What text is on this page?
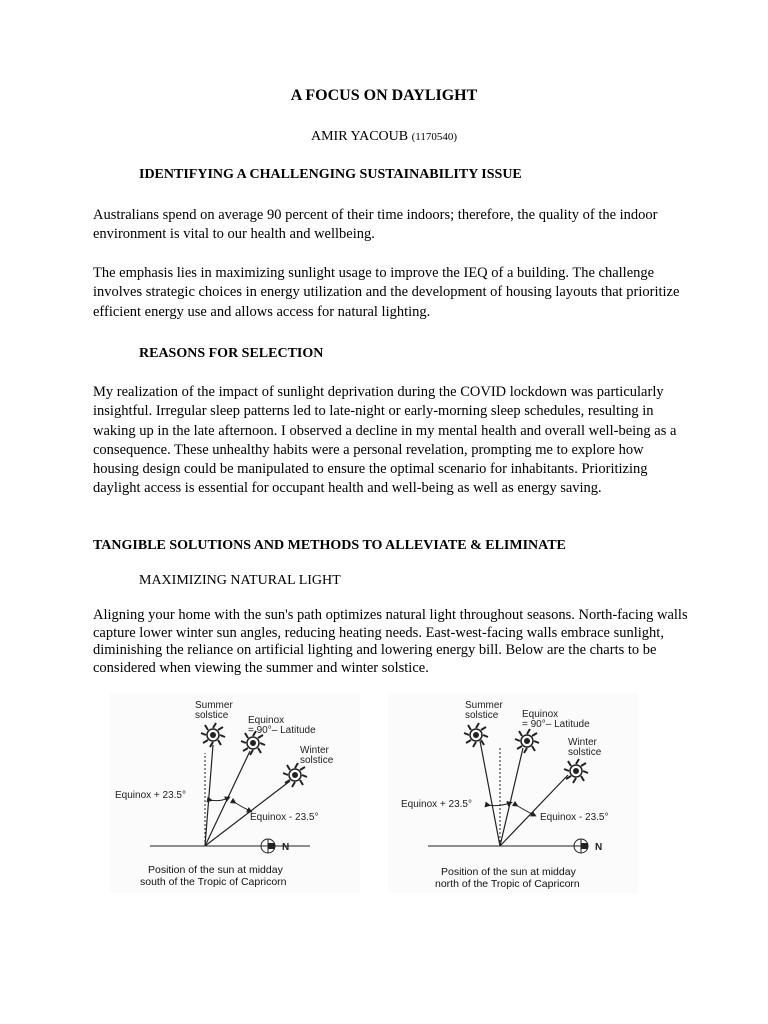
A FOCUS ON DAYLIGHT
AMIR YACOUB (1170540)
IDENTIFYING A CHALLENGING SUSTAINABILITY ISSUE

Australians spend on average 90 percent of their time indoors; therefore, the quality of the indoor environment is vital to our health and wellbeing.

The emphasis lies in maximizing sunlight usage to improve the IEQ of a building. The challenge involves strategic choices in energy utilization and the development of housing layouts that prioritize efficient energy use and allows access for natural lighting.

REASONS FOR SELECTION

My realization of the impact of sunlight deprivation during the COVID lockdown was particularly insightful. Irregular sleep patterns led to late-night or early-morning sleep schedules, resulting in waking up in the late afternoon. I observed a decline in my mental health and overall well-being as a consequence. These unhealthy habits were a personal revelation, prompting me to explore how housing design could be manipulated to ensure the optimal scenario for inhabitants. Prioritizing daylight access is essential for occupant health and well-being as well as energy saving.

TANGIBLE SOLUTIONS AND METHODS TO ALLEVIATE & ELIMINATE
MAXIMIZING NATURAL LIGHT

Aligning your home with the sun's path optimizes natural light throughout seasons. North-facing walls capture lower winter sun angles, reducing heating needs. East-west-facing walls embrace sunlight, diminishing the reliance on artificial lighting and lowering energy bill. Below are the charts to be considered when viewing the summer and winter solstice.

N
Summer
solstice Equinox
= 90°– Latitude
Winter
solstice
Equinox + 23.5°
Equinox - 23.5°
Position of the sun at midday
south of the Tropic of Capricorn
N
Summer
solstice Equinox
= 90°– Latitude
Winter
solstice
Equinox + 23.5°
Equinox - 23.5°
Position of the sun at midday
north of the Tropic of Capricorn
